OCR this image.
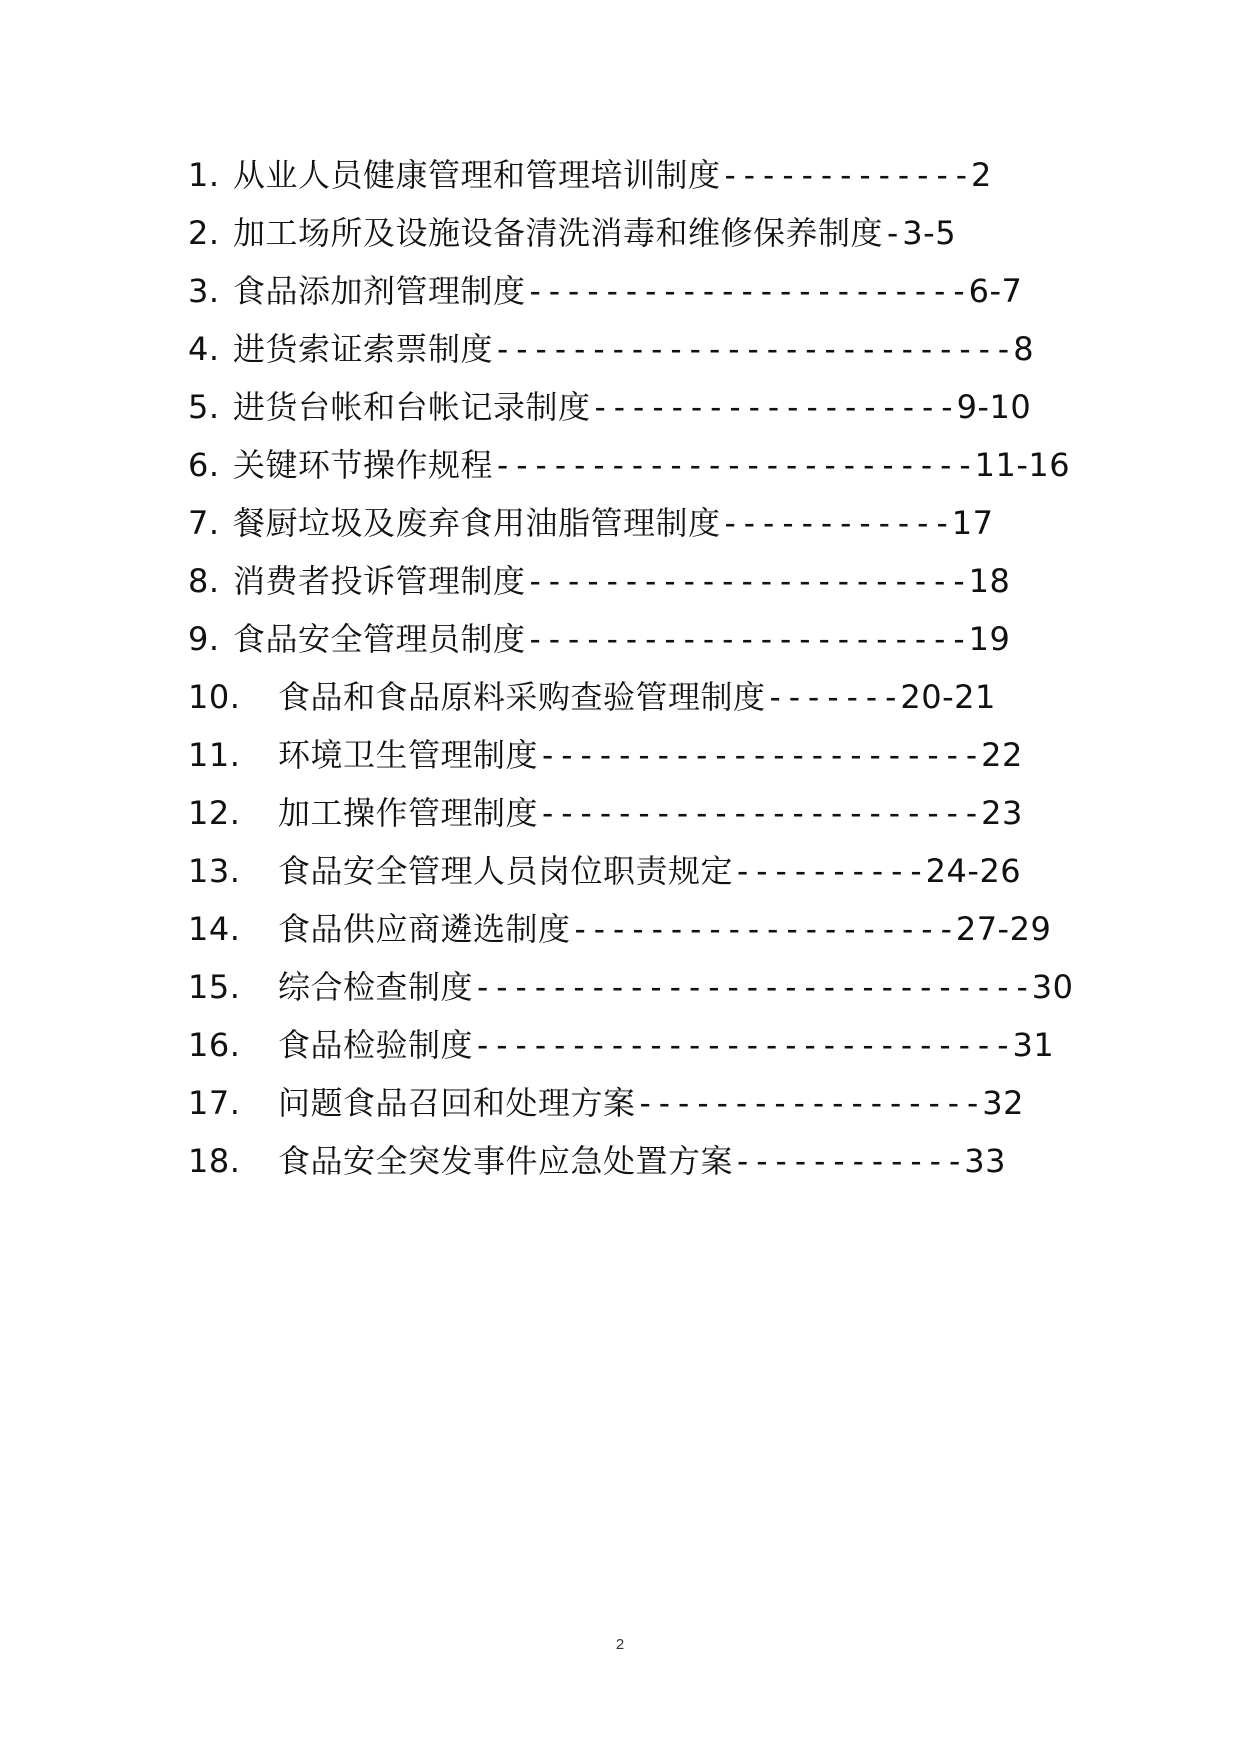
1. 从业人员健康管理和管理培训制度-------------2
2. 加工场所及设施设备清洗消毒和维修保养制度-3-5
3. 食品添加剂管理制度-----------------------6-7
4. 进货索证索票制度---------------------------8
5. 进货台帐和台帐记录制度-------------------9-10
6. 关键环节操作规程-------------------------11-16
7. 餐厨垃圾及废弃食用油脂管理制度------------17
8. 消费者投诉管理制度-----------------------18
9. 食品安全管理员制度-----------------------19
10. 食品和食品原料采购查验管理制度-------20-21
11. 环境卫生管理制度-----------------------22
12. 加工操作管理制度-----------------------23
13. 食品安全管理人员岗位职责规定----------24-26
14. 食品供应商遴选制度--------------------27-29
15. 综合检查制度-----------------------------30
16. 食品检验制度----------------------------31
17. 问题食品召回和处理方案------------------32
18. 食品安全突发事件应急处置方案------------33
2
